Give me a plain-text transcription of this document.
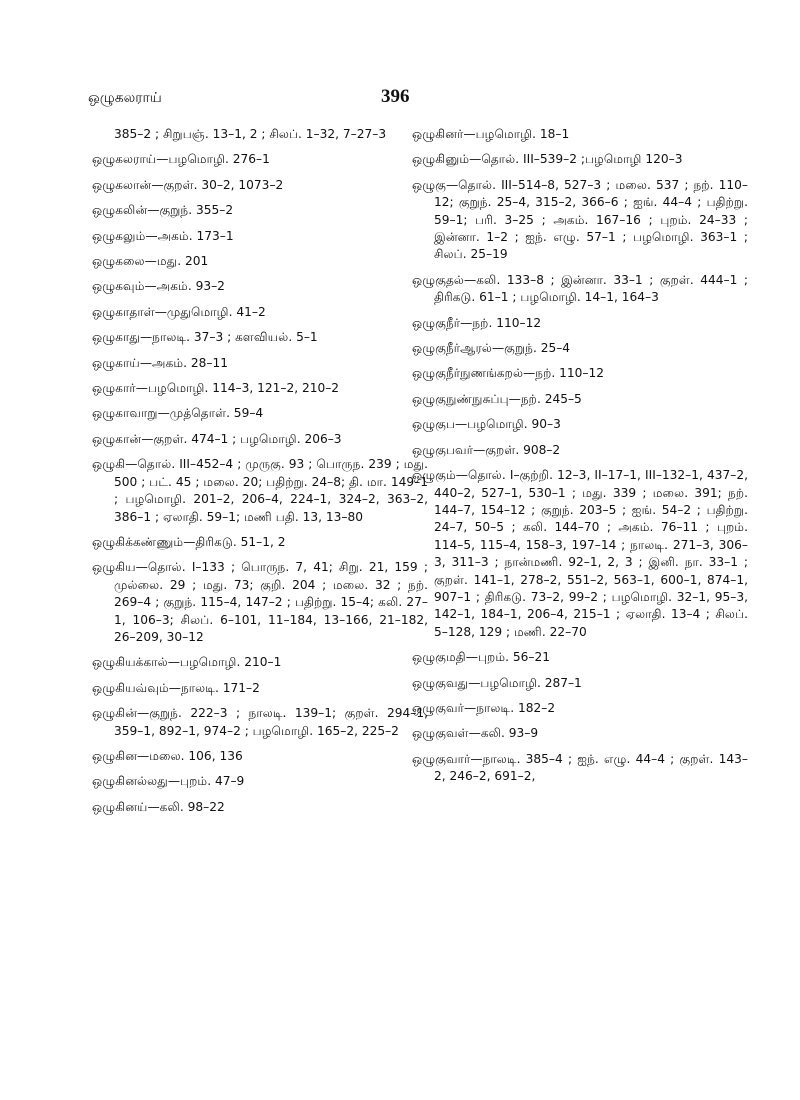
ஒழுகலராய்	396
385–2 ; சிறுபஞ். 13–1, 2 ; சிலப். 1–32, 7–27–3
ஒழுகலராய்—பழமொழி. 276–1
ஒழுகலான்—குறள். 30–2, 1073–2
ஒழுகலின்—குறுந். 355–2
ஒழுகலும்—அகம். 173–1
ஒழுகலை—மது. 201
ஒழுகவும்—அகம். 93–2
ஒழுகாதாள்—முதுமொழி. 41–2
ஒழுகாது—நாலடி. 37–3 ; களவியல். 5–1
ஒழுகாய்—அகம். 28–11
ஒழுகார்—பழமொழி. 114–3, 121–2, 210–2
ஒழுகாவாறு—முத்தொள். 59–4
ஒழுகான்—குறள். 474–1 ; பழமொழி. 206–3
ஒழுகி—தொல். III–452–4 ; முருகு. 93 ; பொருந. 239 ; மது. 500 ; பட். 45 ; மலை. 20; பதிற்று. 24–8; தி. மா. 149–1 ; பழமொழி. 201–2, 206–4, 224–1, 324–2, 363–2, 386–1 ; ஏலாதி. 59–1; மணி பதி. 13, 13–80
ஒழுகிக்கண்ணும்—திரிகடு. 51–1, 2
ஒழுகிய—தொல். I–133 ; பொருந. 7, 41; சிறு. 21, 159 ; முல்லை. 29 ; மது. 73; குறி. 204 ; மலை. 32 ; நற். 269–4 ; குறுந். 115–4, 147–2 ; பதிற்று. 15–4; கலி. 27–1, 106–3; சிலப். 6–101, 11–184, 13–166, 21–182, 26–209, 30–12
ஒழுகியக்கால்—பழமொழி. 210–1
ஒழுகியவ்வும்—நாலடி. 171–2
ஒழுகின்—குறுந். 222–3 ; நாலடி. 139–1; குறள். 294–1, 359–1, 892–1, 974–2 ; பழமொழி. 165–2, 225–2
ஒழுகின—மலை. 106, 136
ஒழுகினல்லது—புறம். 47–9
ஒழுகினய்—கலி. 98–22
ஒழுகினர்—பழமொழி. 18–1
ஒழுகினும்—தொல். III–539–2 ;பழமொழி 120–3
ஒழுகு—தொல். III–514–8, 527–3 ; மலை. 537 ; நற். 110–12; குறுந். 25–4, 315–2, 366–6 ; ஐங். 44–4 ; பதிற்று. 59–1; பரி. 3–25 ; அகம். 167–16 ; புறம். 24–33 ; இன்னா. 1–2 ; ஐந். எழு. 57–1 ; பழமொழி. 363–1 ; சிலப். 25–19
ஒழுகுதல்—கலி. 133–8 ; இன்னா. 33–1 ; குறள். 444–1 ; திரிகடு. 61–1 ; பழமொழி. 14–1, 164–3
ஒழுகுநீர்—நற். 110–12
ஒழுகுநீர்ஆரல்—குறுந். 25–4
ஒழுகுநீர்நுணங்கறல்—நற். 110–12
ஒழுகுநுண்நுசுப்பு—நற். 245–5
ஒழுகுப—பழமொழி. 90–3
ஒழுகுபவர்—குறள். 908–2
ஒழுகும்—தொல். I–குற்றி. 12–3, II–17–1, III–132–1, 437–2, 440–2, 527–1, 530–1 ; மது. 339 ; மலை. 391; நற். 144–7, 154–12 ; குறுந். 203–5 ; ஐங். 54–2 ; பதிற்று. 24–7, 50–5 ; கலி. 144–70 ; அகம். 76–11 ; புறம். 114–5, 115–4, 158–3, 197–14 ; நாலடி. 271–3, 306–3, 311–3 ; நான்மணி. 92–1, 2, 3 ; இனி. நா. 33–1 ; குறள். 141–1, 278–2, 551–2, 563–1, 600–1, 874–1, 907–1 ; திரிகடு. 73–2, 99–2 ; பழமொழி. 32–1, 95–3, 142–1, 184–1, 206–4, 215–1 ; ஏலாதி. 13–4 ; சிலப். 5–128, 129 ; மணி. 22–70
ஒழுகுமதி—புறம். 56–21
ஒழுகுவது—பழமொழி. 287–1
ஒழுகுவர்—நாலடி. 182–2
ஒழுகுவள்—கலி. 93–9
ஒழுகுவார்—நாலடி. 385–4 ; ஐந். எழு. 44–4 ; குறள். 143–2, 246–2, 691–2,
